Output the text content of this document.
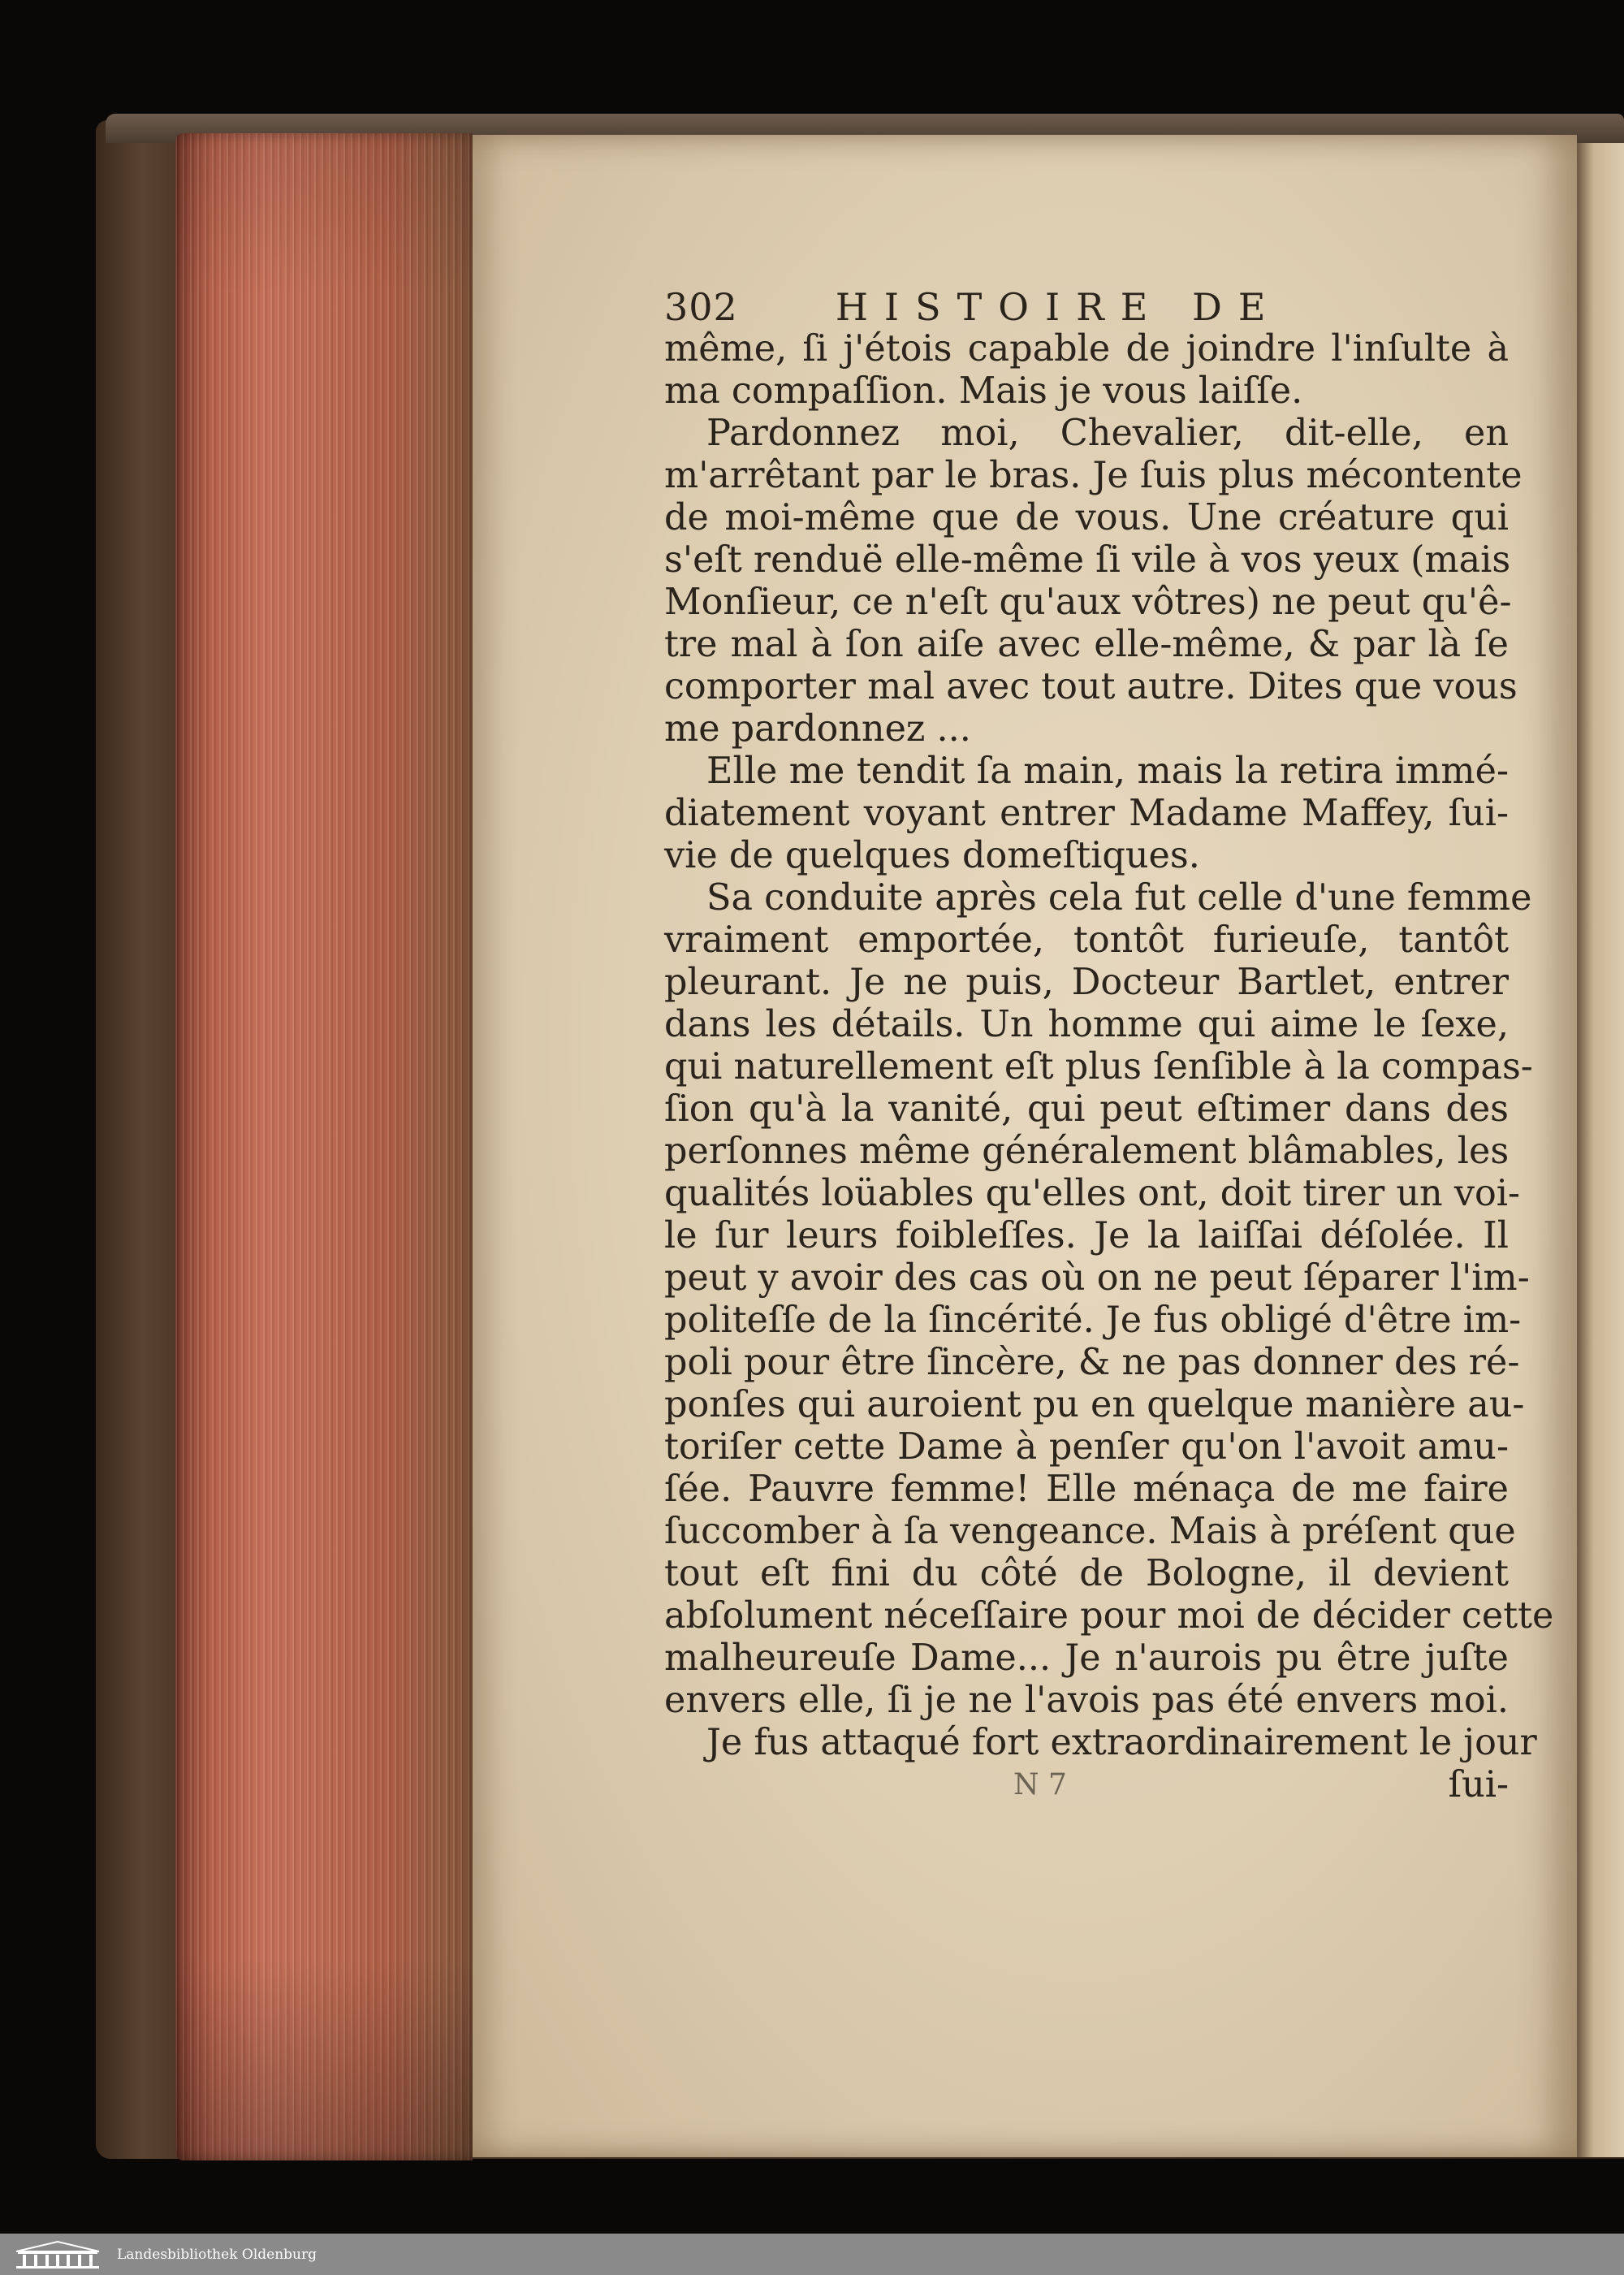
302	HISTOIRE DE
même, ſi j'étois capable de joindre l'inſulte à
ma compaſſion. Mais je vous laiſſe.
Pardonnez moi, Chevalier, dit-elle, en
m'arrêtant par le bras. Je ſuis plus mécontente
de moi-même que de vous. Une créature qui
s'eſt renduë elle-même ſi vile à vos yeux (mais
Monſieur, ce n'eſt qu'aux vôtres) ne peut qu'ê-
tre mal à ſon aiſe avec elle-même, & par là ſe
comporter mal avec tout autre. Dites que vous
me pardonnez ...
Elle me tendit ſa main, mais la retira immé-
diatement voyant entrer Madame Maffey, ſui-
vie de quelques domeſtiques.
Sa conduite après cela fut celle d'une femme
vraiment emportée, tontôt furieuſe, tantôt
pleurant. Je ne puis, Docteur Bartlet, entrer
dans les détails. Un homme qui aime le ſexe,
qui naturellement eſt plus ſenſible à la compas-
ſion qu'à la vanité, qui peut eſtimer dans des
perſonnes même généralement blâmables, les
qualités loüables qu'elles ont, doit tirer un voi-
le ſur leurs foibleſſes. Je la laiſſai déſolée. Il
peut y avoir des cas où on ne peut ſéparer l'im-
politeſſe de la ſincérité. Je fus obligé d'être im-
poli pour être ſincère, & ne pas donner des ré-
ponſes qui auroient pu en quelque manière au-
toriſer cette Dame à penſer qu'on l'avoit amu-
ſée. Pauvre femme! Elle ménaça de me faire
ſuccomber à ſa vengeance. Mais à préſent que
tout eſt fini du côté de Bologne, il devient
abſolument néceſſaire pour moi de décider cette
malheureuſe Dame... Je n'aurois pu être juſte
envers elle, ſi je ne l'avois pas été envers moi.
Je fus attaqué fort extraordinairement le jour
N 7	ſui-
Landesbibliothek Oldenburg
